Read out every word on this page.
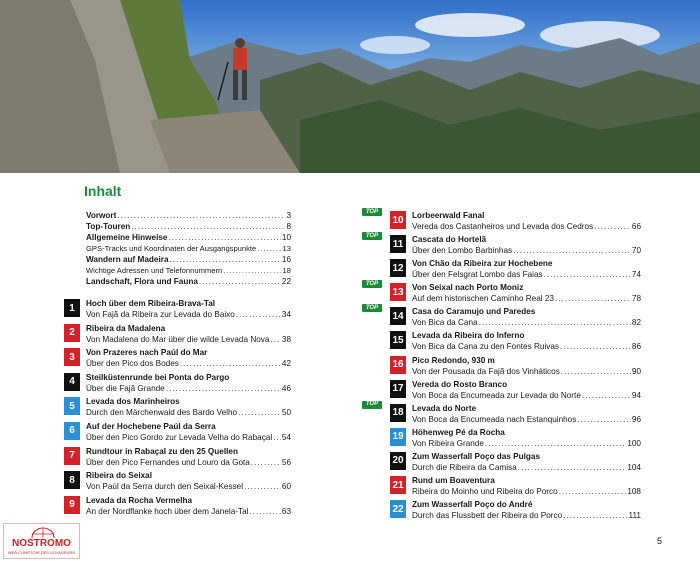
Inhalt
Vorwort .....	3
Top-Touren .....	8
Allgemeine Hinweise .....	10
GPS-Tracks und Koordinaten der Ausgangspunkte .....	13
Wandern auf Madeira .....	16
Wichtige Adressen und Telefonnummern .....	18
Landschaft, Flora und Fauna .....	22
1	Hoch über dem Ribeira-Brava-Tal
Von Fajã da Ribeira zur Levada do Baixo .....	34
2	Ribeira da Madalena
Von Madalena do Mar über die wilde Levada Nova ..... 38
3	Von Prazeres nach Paúl do Mar
Über den Pico dos Bodes .....	42
4	Steilküstenrunde bei Ponta do Pargo
Über die Fajã Grande .....	46
5	Levada dos Marinheiros
Durch den Märchenwald des Bardo Velho .....	50
6	Auf der Hochebene Paúl da Serra
Über den Pico Gordo zur Levada Velha do Rabaçal ..... 54
7	Rundtour in Rabaçal zu den 25 Quellen
Über den Pico Fernandes und Louro da Gota .....	56
8	Ribeira do Seixal
Von Paúl da Serra durch den Seixal-Kessel .....	60
9	Levada da Rocha Vermelha
An der Nordflanke hoch über dem Janela-Tal .....	63
TOP
10 Lorbeerwald Fanal
Vereda dos Castanheiros und Levada dos Cedros .....	66
TOP
11	Cascata do Hortelã
Über den Lombo Barbinhas .....	70
12 Von Chão da Ribeira zur Hochebene
Über den Felsgrat Lombo das Faias .....	74
TOP
13 Von Seixal nach Porto Moniz
Auf dem historischen Caminho Real 23 .....	78
TOP
14 Casa do Caramujo und Paredes
Von Bica da Cana .....	82
15 Levada da Ribeira do Inferno
Von Bica da Cana zu den Fontes Ruivas .....	86
16 Pico Redondo, 930 m
Von der Pousada da Fajã dos Vinháticos .....	90
17 Vereda do Rosto Branco
Von Boca da Encumeada zur Levada do Norte .....	94
TOP
18 Levada do Norte
Von Boca da Encumeada nach Estanquinhos .....	96
19 Höhenweg Pé da Rocha
Von Ribeira Grande .....	100
20 Zum Wasserfall Poço das Pulgas
Durch die Ribeira da Camisa .....	104
21 Rund um Boaventura
Ribeira do Moinho und Ribeira do Porco .....	108
22 Zum Wasserfall Poço do André
Durch das Flussbett der Ribeira do Porco .....	111
5
NOSTROMO
WEB COMPTOIR DES VOYAGEURS
